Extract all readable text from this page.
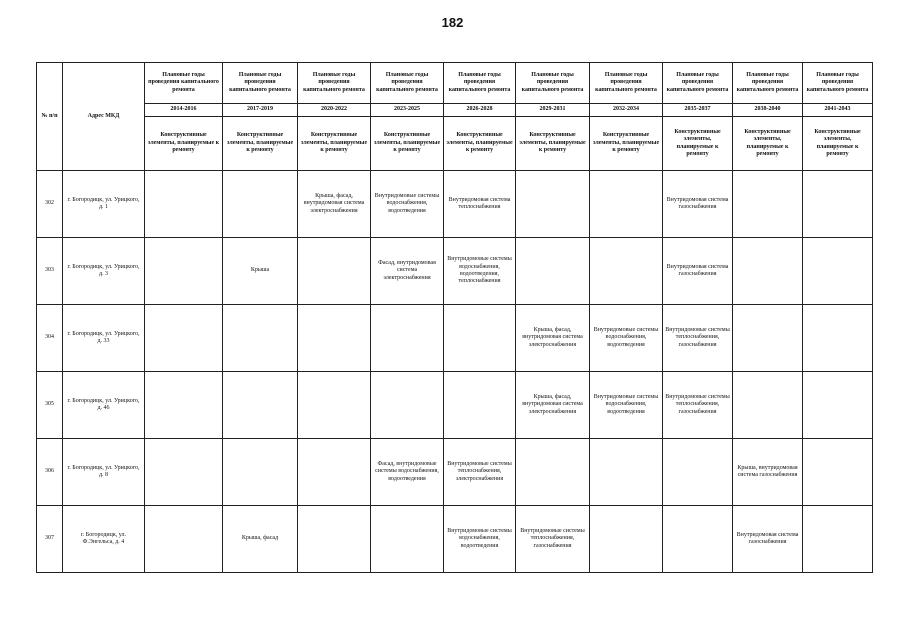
182
№ п/п	Адрес МКД	Плановые годы проведения капитального ремонта	Плановые годы проведения капитального ремонта	Плановые годы проведения капитального ремонта	Плановые годы проведения капитального ремонта	Плановые годы проведения капитального ремонта	Плановые годы проведения капитального ремонта	Плановые годы проведения капитального ремонта	Плановые годы проведения капитального ремонта	Плановые годы проведения капитального ремонта	Плановые годы проведения капитального ремонта
		2014-2016	2017-2019	2020-2022	2023-2025	2026-2028	2029-2031	2032-2034	2035-2037	2038-2040	2041-2043
		Конструктивные элементы, планируемые к ремонту	Конструктивные элементы, планируемые к ремонту	Конструктивные элементы, планируемые к ремонту	Конструктивные элементы, планируемые к ремонту	Конструктивные элементы, планируемые к ремонту	Конструктивные элементы, планируемые к ремонту	Конструктивные элементы, планируемые к ремонту	Конструктивные элементы, планируемые к ремонту	Конструктивные элементы, планируемые к ремонту	Конструктивные элементы, планируемые к ремонту
302	г. Богородицк, ул. Урицкого, д. 1			Крыша, фасад, внутридомовая система электроснабжения	Внутридомовые системы водоснабжения, водоотведения	Внутридомовая система теплоснабжения			Внутридомовая система газоснабжения		
303	г. Богородицк, ул. Урицкого, д. 3		Крыша		Фасад, внутридомовая система электроснабжения	Внутридомовые системы водоснабжения, водоотведения, теплоснабжения			Внутридомовая система газоснабжения		
304	г. Богородицк, ул. Урицкого, д. 33						Крыша, фасад, внутридомовая система электроснабжения	Внутридомовые системы водоснабжения, водоотведения	Внутридомовые системы теплоснабжения, газоснабжения		
305	г. Богородицк, ул. Урицкого, д. 46						Крыша, фасад, внутридомовая система электроснабжения	Внутридомовые системы водоснабжения, водоотведения	Внутридомовые системы теплоснабжения, газоснабжения		
306	г. Богородицк, ул. Урицкого, д. 8				Фасад, внутридомовые системы водоснабжения, водоотведения	Внутридомовые системы теплоснабжения, электроснабжения				Крыша, внутридомовая система газоснабжения	
307	г. Богородицк, ул. Ф.Энгельса, д. 4		Крыша, фасад			Внутридомовые системы водоснабжения, водоотведения	Внутридомовые системы теплоснабжения, газоснабжения			Внутридомовая система газоснабжения	
